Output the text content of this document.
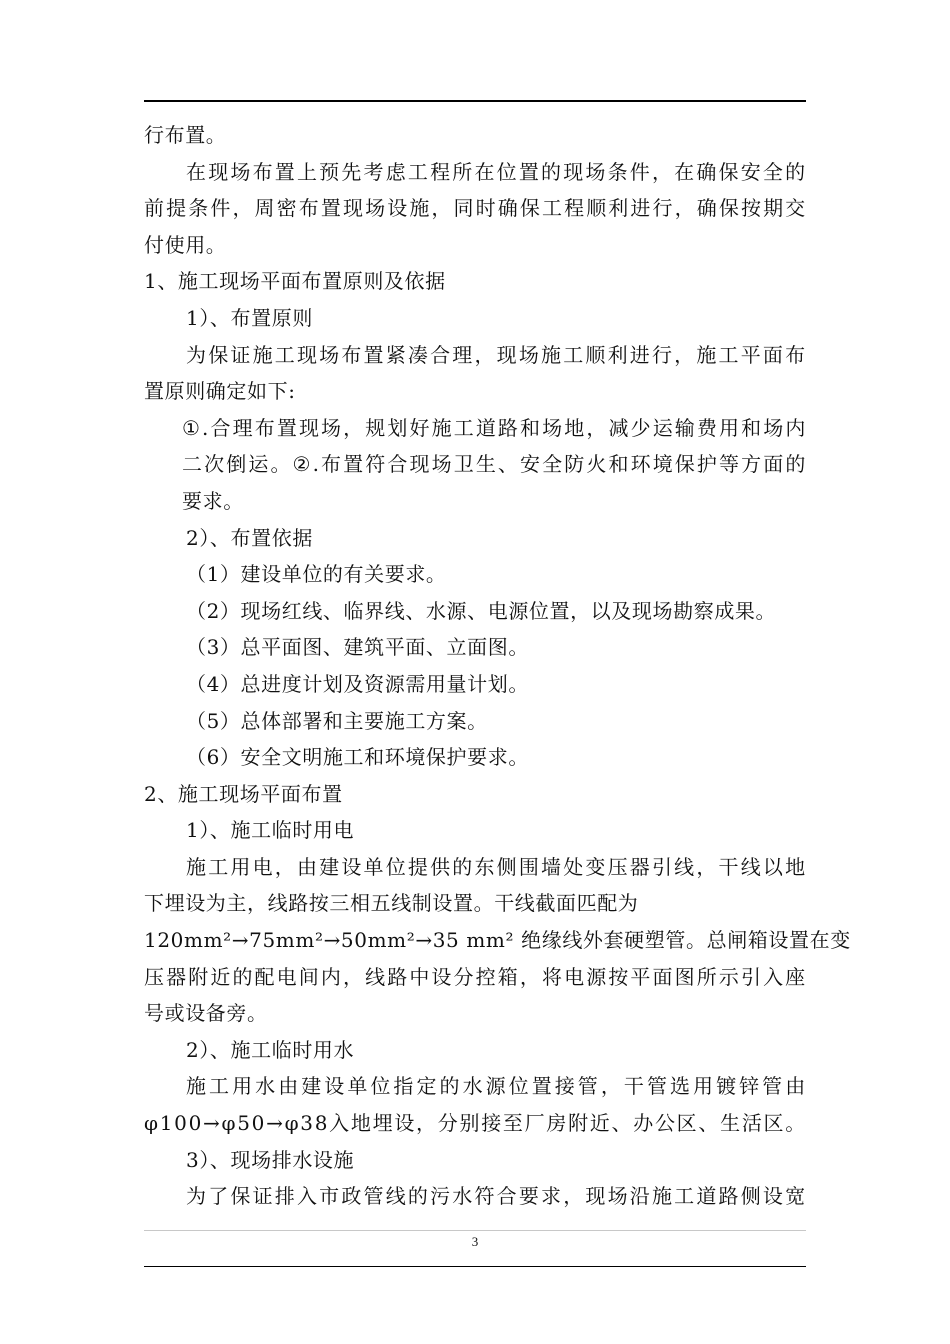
行布置。
在 现 场 布 置 上 预 先 考 虑 工 程 所 在 位 置 的 现 场 条 件 ， 在 确 保 安 全 的
前 提 条 件 ， 周 密 布 置 现 场 设 施 ， 同 时 确 保 工 程 顺 利 进 行 ， 确 保 按 期 交
付使用。
1、施工现场平面布置原则及依据
1）、布置原则
为 保 证 施 工 现 场 布 置 紧 凑 合 理 ， 现 场 施 工 顺 利 进 行 ， 施 工 平 面 布
置原则确定如下:
① . 合 理 布 置 现 场 ， 规 划 好 施 工 道 路 和 场 地 ， 减 少 运 输 费 用 和 场 内
二 次 倒 运 。 ② . 布 置 符 合 现 场 卫 生 、 安 全 防 火 和 环 境 保 护 等 方 面 的
要求。
2）、布置依据
（1）建设单位的有关要求。
（2）现场红线、临界线、水源、电源位置，以及现场勘察成果。
（3）总平面图、建筑平面、立面图。
（4）总进度计划及资源需用量计划。
（5）总体部署和主要施工方案。
（6）安全文明施工和环境保护要求。
2、施工现场平面布置
1）、施工临时用电
施 工 用 电 ， 由 建 设 单 位 提 供 的 东 侧 围 墙 处 变 压 器 引 线 ， 干 线 以 地
下埋设为主，线路按三相五线制设置。干线截面匹配为
1 2 0 m m ² → 7 5 m m ² → 5 0 m m ² → 3 5
m m ²
绝 缘 线 外 套 硬 塑 管 。 总 闸 箱 设 置 在 变
压 器 附 近 的 配 电 间 内 ， 线 路 中 设 分 控 箱 ， 将 电 源 按 平 面 图 所 示 引 入 座
号或设备旁。
2）、施工临时用水
施 工 用 水 由 建 设 单 位 指 定 的 水 源 位 置 接 管 ， 干 管 选 用 镀 锌 管 由
φ 1 0 0 → φ 5 0 → φ 3 8 入 地 埋 设 ， 分 别 接 至 厂 房 附 近 、 办 公 区 、 生 活 区 。
3）、现场排水设施
为 了 保 证 排 入 市 政 管 线 的 污 水 符 合 要 求 ， 现 场 沿 施 工 道 路 侧 设 宽
3
